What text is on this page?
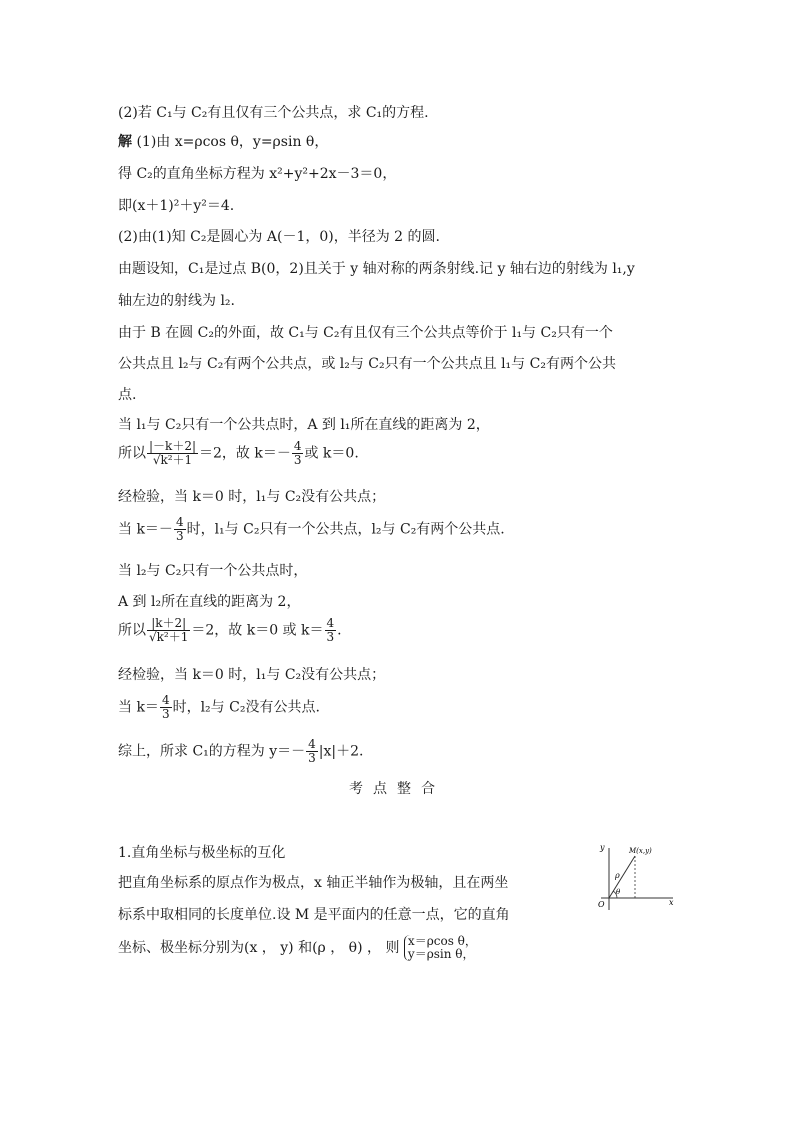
(2)若 C₁与 C₂有且仅有三个公共点，求 C₁的方程.
解 (1)由 x=ρcos θ，y=ρsin θ，
得 C₂的直角坐标方程为 x²+y²+2x－3＝0，
即(x＋1)²＋y²＝4.
(2)由(1)知 C₂是圆心为 A(－1，0)，半径为 2 的圆.
由题设知，C₁是过点 B(0，2)且关于 y 轴对称的两条射线.记 y 轴右边的射线为 l₁,y
轴左边的射线为 l₂.
由于 B 在圆 C₂的外面，故 C₁与 C₂有且仅有三个公共点等价于 l₁与 C₂只有一个
公共点且 l₂与 C₂有两个公共点，或 l₂与 C₂只有一个公共点且 l₁与 C₂有两个公共
点.
当 l₁与 C₂只有一个公共点时，A 到 l₁所在直线的距离为 2，
所以 $\frac{|-k+2|}{\text{√k²＋1}} =2$，故 $k=- \frac{4}{3}$ 或 k＝0.
经检验，当 k＝0 时，l₁与 C₂没有公共点；
当 $k=- \frac{4}{3}$ 时，l₁与 C₂只有一个公共点，l₂与 C₂有两个公共点.
当 l₂与 C₂只有一个公共点时，
A 到 l₂所在直线的距离为 2，
所以 $\frac{|k+2|}{\text{√k²＋1}} =2$，故 k＝0 或 $k= \frac{4}{3}$ .
经检验，当 k＝0 时，l₁与 C₂没有公共点；
当 $k= \frac{4}{3}$ 时，l₂与 C₂没有公共点.
综上，所求 C₁的方程为 $y=- \frac{4}{3} |x|+2$.
考点整合
1.直角坐标与极坐标的互化
把直角坐标系的原点作为极点，x 轴正半轴作为极轴，且在两坐
标系中取相同的长度单位.设 M 是平面内的任意一点，它的直角
坐标、极坐标分别为(x ， y) 和(ρ ， θ) ， 则 x＝ρcos θ，
y＝ρsin θ，
y
x
O
M(x,y)
ρ
θ
